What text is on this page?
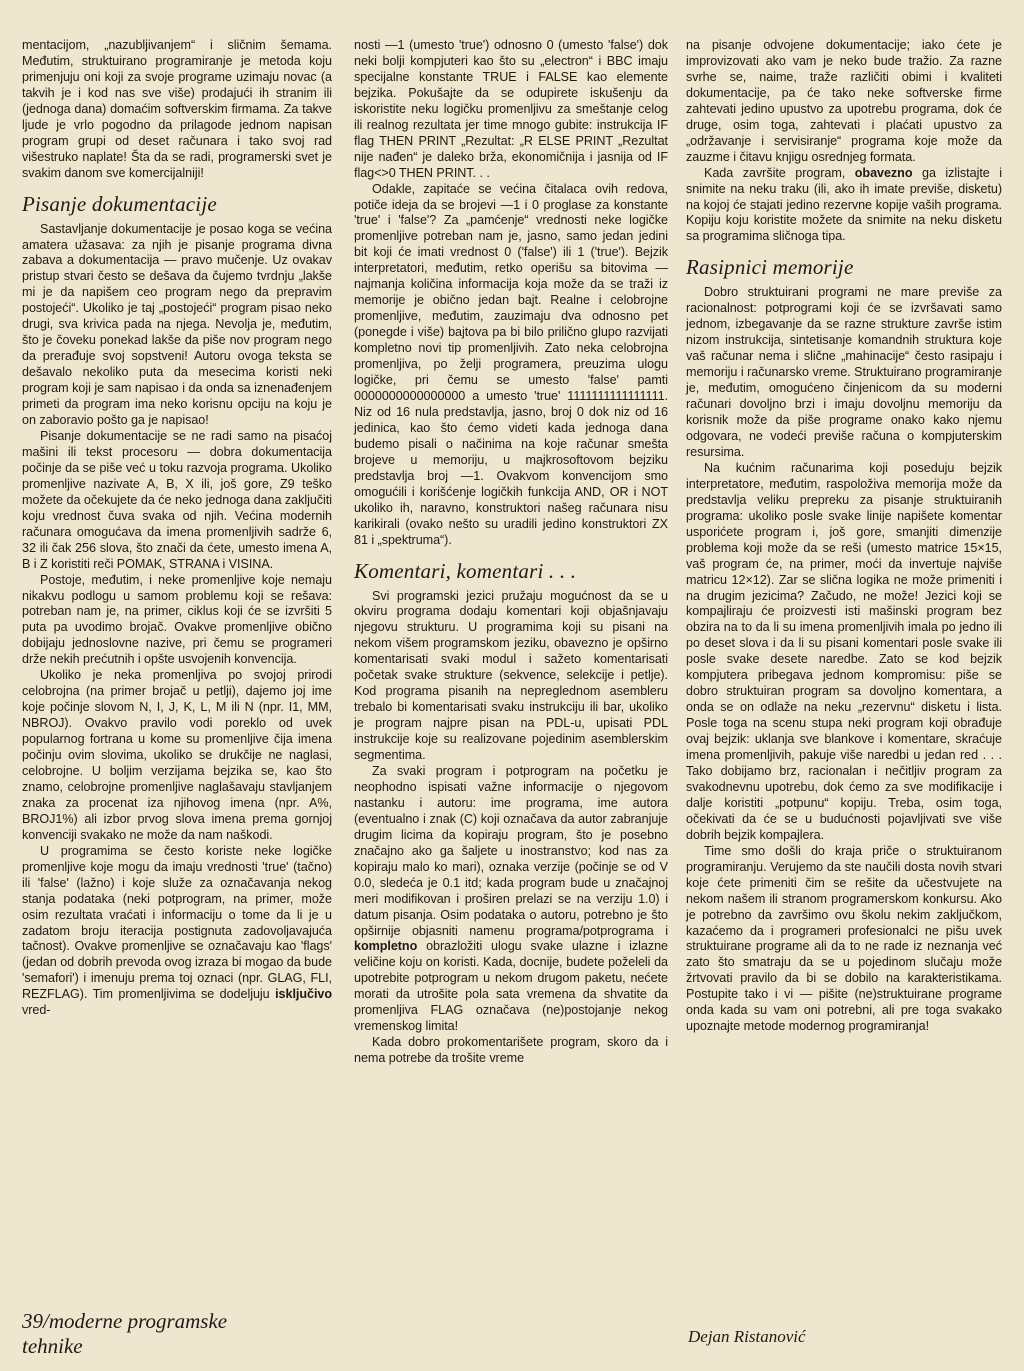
mentacijom, „nazubljivanjem“ i sličnim šemama. Međutim, struktuirano programiranje je metoda koju primenjuju oni koji za svoje programe uzimaju novac (a takvih je i kod nas sve više) prodajući ih stranim ili (jednoga dana) domaćim softverskim firmama. Za takve ljude je vrlo pogodno da prilagode jednom napisan program grupi od deset računara i tako svoj rad višestruko naplate! Šta da se radi, programerski svet je svakim danom sve komercijalniji!

Pisanje dokumentacije

Sastavljanje dokumentacije je posao koga se većina amatera užasava: za njih je pisanje programa divna zabava a dokumentacija — pravo mučenje. Uz ovakav pristup stvari često se dešava da čujemo tvrdnju „lakše mi je da napišem ceo program nego da prepravim postojeći“. Ukoliko je taj „postojeći“ program pisao neko drugi, sva krivica pada na njega. Nevolja je, međutim, što je čoveku ponekad lakše da piše nov program nego da prerađuje svoj sopstveni! Autoru ovoga teksta se dešavalo nekoliko puta da mesecima koristi neki program koji je sam napisao i da onda sa iznenađenjem primeti da program ima neko korisnu opciju na koju je on zaboravio pošto ga je napisao!

Pisanje dokumentacije se ne radi samo na pisaćoj mašini ili tekst procesoru — dobra dokumentacija počinje da se piše već u toku razvoja programa. Ukoliko promenljive nazivate A, B, X ili, još gore, Z9 teško možete da očekujete da će neko jednoga dana zaključiti koju vrednost čuva svaka od njih. Većina modernih računara omogućava da imena promenljivih sadrže 6, 32 ili čak 256 slova, što znači da ćete, umesto imena A, B i Z koristiti reči POMAK, STRANA i VISINA.

Postoje, međutim, i neke promenljive koje nemaju nikakvu podlogu u samom problemu koji se rešava: potreban nam je, na primer, ciklus koji će se izvršiti 5 puta pa uvodimo brojač. Ovakve promenljive obično dobijaju jednoslovne nazive, pri čemu se programeri drže nekih prećutnih i opšte usvojenih konvencija.

Ukoliko je neka promenljiva po svojoj prirodi celobrojna (na primer brojač u petlji), dajemo joj ime koje počinje slovom N, I, J, K, L, M ili N (npr. I1, MM, NBROJ). Ovakvo pravilo vodi poreklo od uvek popularnog fortrana u kome su promenljive čija imena počinju ovim slovima, ukoliko se drukčije ne naglasi, celobrojne. U boljim verzijama bejzika se, kao što znamo, celobrojne promenljive naglašavaju stavljanjem znaka za procenat iza njihovog imena (npr. A%, BROJ1%) ali izbor prvog slova imena prema gornjoj konvenciji svakako ne može da nam naškodi.

U programima se često koriste neke logičke promenljive koje mogu da imaju vrednosti 'true' (tačno) ili 'false' (lažno) i koje služe za označavanja nekog stanja podataka (neki potprogram, na primer, može osim rezultata vraćati i informaciju o tome da li je u zadatom broju iteracija postignuta zadovoljavajuća tačnost). Ovakve promenljive se označavaju kao 'flags' (jedan od dobrih prevoda ovog izraza bi mogao da bude 'semafori') i imenuju prema toj oznaci (npr. GLAG, FLI, REZFLAG). Tim promenljivima se dodeljuju isključivo vred-

nosti —1 (umesto 'true') odnosno 0 (umesto 'false') dok neki bolji kompjuteri kao što su „electron“ i BBC imaju specijalne konstante TRUE i FALSE kao elemente bejzika. Pokušajte da se odupirete iskušenju da iskoristite neku logičku promenljivu za smeštanje celog ili realnog rezultata jer time mnogo gubite: instrukcija IF flag THEN PRINT „Rezultat: „R ELSE PRINT „Rezultat nije nađen“ je daleko brža, ekonomičnija i jasnija od IF flag<>0 THEN PRINT. . .

Odakle, zapitaće se većina čitalaca ovih redova, potiče ideja da se brojevi —1 i 0 proglase za konstante 'true' i 'false'? Za „pamćenje“ vrednosti neke logičke promenljive potreban nam je, jasno, samo jedan jedini bit koji će imati vrednost 0 ('false') ili 1 ('true'). Bejzik interpretatori, međutim, retko operišu sa bitovima — najmanja količina informacija koja može da se traži iz memorije je obično jedan bajt. Realne i celobrojne promenljive, međutim, zauzimaju dva odnosno pet (ponegde i više) bajtova pa bi bilo prilično glupo razvijati kompletno novi tip promenljivih. Zato neka celobrojna promenljiva, po želji programera, preuzima ulogu logičke, pri čemu se umesto 'false' pamti 0000000000000000 a umesto 'true' 1111111111111111. Niz od 16 nula predstavlja, jasno, broj 0 dok niz od 16 jedinica, kao što ćemo videti kada jednoga dana budemo pisali o načinima na koje računar smešta brojeve u memoriju, u majkrosoftovom bejziku predstavlja broj —1. Ovakvom konvencijom smo omogućili i korišćenje logičkih funkcija AND, OR i NOT ukoliko ih, naravno, konstruktori našeg računara nisu karikirali (ovako nešto su uradili jedino konstruktori ZX 81 i „spektruma“).

Komentari, komentari . . .

Svi programski jezici pružaju mogućnost da se u okviru programa dodaju komentari koji objašnjavaju njegovu strukturu. U programima koji su pisani na nekom višem programskom jeziku, obavezno je opširno komentarisati svaki modul i sažeto komentarisati početak svake strukture (sekvence, selekcije i petlje). Kod programa pisanih na nepreglednom asembleru trebalo bi komentarisati svaku instrukciju ili bar, ukoliko je program najpre pisan na PDL-u, upisati PDL instrukcije koje su realizovane pojedinim asemblerskim segmentima.

Za svaki program i potprogram na početku je neophodno ispisati važne informacije o njegovom nastanku i autoru: ime programa, ime autora (eventualno i znak (C) koji označava da autor zabranjuje drugim licima da kopiraju program, što je posebno značajno ako ga šaljete u inostranstvo; kod nas za kopiraju malo ko mari), oznaka verzije (počinje se od V 0.0, sledeća je 0.1 itd; kada program bude u značajnoj meri modifikovan i proširen prelazi se na verziju 1.0) i datum pisanja. Osim podataka o autoru, potrebno je što opširnije objasniti namenu programa/potprograma i kompletno obrazložiti ulogu svake ulazne i izlazne veličine koju on koristi. Kada, docnije, budete poželeli da upotrebite potprogram u nekom drugom paketu, nećete morati da utrošite pola sata vremena da shvatite da promenljiva FLAG označava (ne)postojanje nekog vremenskog limita!

Kada dobro prokomentarišete program, skoro da i nema potrebe da trošite vreme

na pisanje odvojene dokumentacije; iako ćete je improvizovati ako vam je neko bude tražio. Za razne svrhe se, naime, traže različiti obimi i kvaliteti dokumentacije, pa će tako neke softverske firme zahtevati jedino upustvo za upotrebu programa, dok će druge, osim toga, zahtevati i plaćati upustvo za „održavanje i servisiranje“ programa koje može da zauzme i čitavu knjigu osrednjeg formata.

Kada završite program, obavezno ga izlistajte i snimite na neku traku (ili, ako ih imate previše, disketu) na kojoj će stajati jedino rezervne kopije vaših programa. Kopiju koju koristite možete da snimite na neku disketu sa programima sličnoga tipa.

Rasipnici memorije

Dobro struktuirani programi ne mare previše za racionalnost: potprogrami koji će se izvršavati samo jednom, izbegavanje da se razne strukture završe istim nizom instrukcija, sintetisanje komandnih struktura koje vaš računar nema i slične „mahinacije“ često rasipaju i memoriju i računarsko vreme. Struktuirano programiranje je, međutim, omogućeno činjenicom da su moderni računari dovoljno brzi i imaju dovoljnu memoriju da korisnik može da piše programe onako kako njemu odgovara, ne vodeći previše računa o kompjuterskim resursima.

Na kućnim računarima koji poseduju bejzik interpretatore, međutim, raspoloživa memorija može da predstavlja veliku prepreku za pisanje struktuiranih programa: ukoliko posle svake linije napišete komentar usporićete program i, još gore, smanjiti dimenzije problema koji može da se reši (umesto matrice 15×15, vaš program će, na primer, moći da invertuje najviše matricu 12×12). Zar se slična logika ne može primeniti i na drugim jezicima? Začudo, ne može! Jezici koji se kompajliraju će proizvesti isti mašinski program bez obzira na to da li su imena promenljivih imala po jedno ili po deset slova i da li su pisani komentari posle svake ili posle svake desete naredbe. Zato se kod bejzik kompjutera pribegava jednom kompromisu: piše se dobro struktuiran program sa dovoljno komentara, a onda se on odlaže na neku „rezervnu“ disketu i lista. Posle toga na scenu stupa neki program koji obrađuje ovaj bejzik: uklanja sve blankove i komentare, skraćuje imena promenljivih, pakuje više naredbi u jedan red . . . Tako dobijamo brz, racionalan i nečitljiv program za svakodnevnu upotrebu, dok ćemo za sve modifikacije i dalje koristiti „potpunu“ kopiju. Treba, osim toga, očekivati da će se u budućnosti pojavljivati sve više dobrih bejzik kompajlera.

Time smo došli do kraja priče o struktuiranom programiranju. Verujemo da ste naučili dosta novih stvari koje ćete primeniti čim se rešite da učestvujete na nekom našem ili stranom programerskom konkursu. Ako je potrebno da završimo ovu školu nekim zaključkom, kazaćemo da i programeri profesionalci ne pišu uvek struktuirane programe ali da to ne rade iz neznanja već zato što smatraju da se u pojedinom slučaju može žrtvovati pravilo da bi se dobilo na karakteristikama. Postupite tako i vi — pišite (ne)struktuirane programe onda kada su vam oni potrebni, ali pre toga svakako upoznajte metode modernog programiranja!

39/moderne programske
tehnike	Dejan Ristanović
